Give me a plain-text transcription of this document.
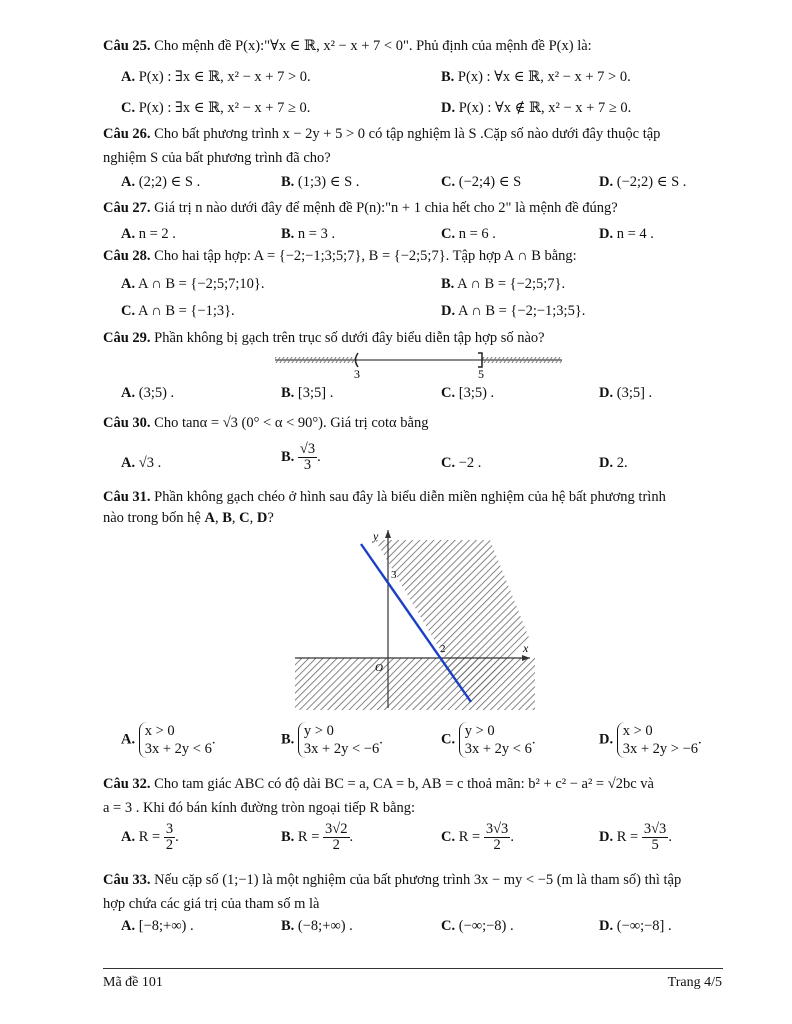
Câu 25. Cho mệnh đề P(x):"∀x ∈ ℝ, x² − x + 7 < 0". Phủ định của mệnh đề P(x) là:
A. P(x) : ∃x ∈ ℝ, x² − x + 7 > 0.	B. P(x) : ∀x ∈ ℝ, x² − x + 7 > 0.
C. P(x) : ∃x ∈ ℝ, x² − x + 7 ≥ 0.	D. P(x) : ∀x ∉ ℝ, x² − x + 7 ≥ 0.
Câu 26. Cho bất phương trình x − 2y + 5 > 0 có tập nghiệm là S .Cặp số nào dưới đây thuộc tập
nghiệm S của bất phương trình đã cho?
A. (2;2) ∈ S .	B. (1;3) ∈ S .	C. (−2;4) ∈ S	D. (−2;2) ∈ S .
Câu 27. Giá trị n nào dưới đây để mệnh đề P(n):"n + 1 chia hết cho 2" là mệnh đề đúng?
A. n = 2 .	B. n = 3 .	C. n = 6 .	D. n = 4 .
Câu 28. Cho hai tập hợp: A = {−2;−1;3;5;7}, B = {−2;5;7}. Tập hợp A ∩ B bằng:
A. A ∩ B = {−2;5;7;10}.	B. A ∩ B = {−2;5;7}.
C. A ∩ B = {−1;3}.	D. A ∩ B = {−2;−1;3;5}.
Câu 29. Phần không bị gạch trên trục số dưới đây biểu diễn tập hợp số nào?
3	5
A. (3;5) .	B. [3;5] .	C. [3;5) .	D. (3;5] .
Câu 30. Cho tanα = √3 (0° < α < 90°). Giá trị cotα bằng
A. √3 .	B. $\frac{√3}{3}$ .	C. −2 .	D. 2.
Câu 31. Phần không gạch chéo ở hình sau đây là biểu diễn miền nghiệm của hệ bất phương trình
nào trong bốn hệ A, B, C, D?
y
x
O
3
2
A. x > 0
3x + 2y < 6.	B. y > 0
3x + 2y < −6.	C. y > 0
3x + 2y < 6.	D. x > 0
3x + 2y > −6.
Câu 32. Cho tam giác ABC có độ dài BC = a, CA = b, AB = c thoả mãn: b² + c² − a² = √2bc và
a = 3 . Khi đó bán kính đường tròn ngoại tiếp R bằng:
A. $R = \frac{3}{2}$ .	B. $R = \frac{3√2}{2}$ .	C. $R = \frac{3√3}{2}$ .	D. $R = \frac{3√3}{5}$ .
Câu 33. Nếu cặp số (1;−1) là một nghiệm của bất phương trình 3x − my < −5 (m là tham số) thì tập
hợp chứa các giá trị của tham số m là
A. [−8;+∞) .	B. (−8;+∞) .	C. (−∞;−8) .	D. (−∞;−8] .
Mã đề 101	Trang 4/5
